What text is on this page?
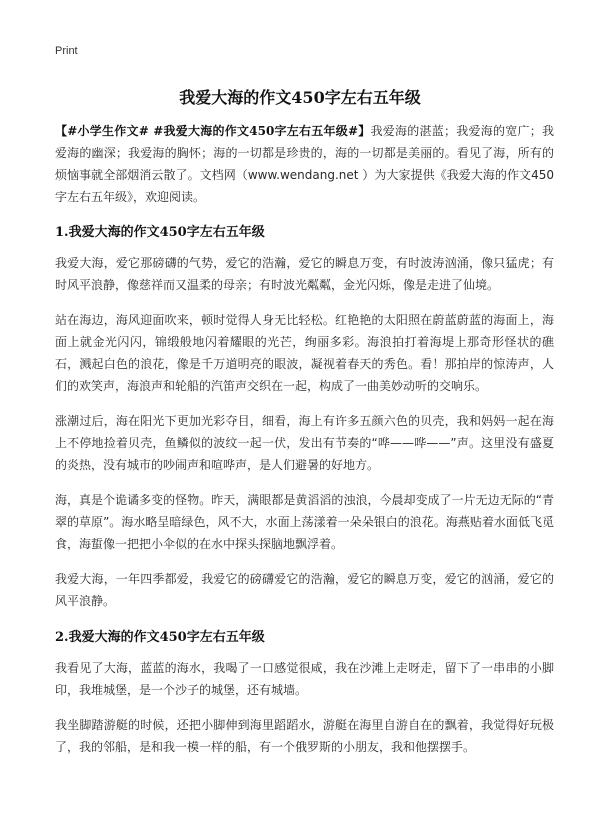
Print
我爱大海的作文450字左右五年级

【#小学生作文# #我爱大海的作文450字左右五年级#】我爱海的湛蓝；我爱海的宽广；我爱海的幽深；我爱海的胸怀；海的一切都是珍贵的，海的一切都是美丽的。看见了海，所有的烦恼事就全部烟消云散了。文档网（www.wendang.net ）为大家提供《我爱大海的作文450字左右五年级》，欢迎阅读。

1.我爱大海的作文450字左右五年级

我爱大海，爱它那磅礴的气势，爱它的浩瀚，爱它的瞬息万变，有时波涛汹涌，像只猛虎；有时风平浪静，像慈祥而又温柔的母亲；有时波光粼粼，金光闪烁，像是走进了仙境。

站在海边，海风迎面吹来，顿时觉得人身无比轻松。红艳艳的太阳照在蔚蓝蔚蓝的海面上，海面上就金光闪闪，锦缎般地闪着耀眼的光芒，绚丽多彩。海浪拍打着海堤上那奇形怪状的礁石，溅起白色的浪花，像是千万道明亮的眼波，凝视着春天的秀色。看！那拍岸的惊涛声，人们的欢笑声，海浪声和轮船的汽笛声交织在一起，构成了一曲美妙动听的交响乐。

涨潮过后，海在阳光下更加光彩夺目，细看，海上有许多五颜六色的贝壳，我和妈妈一起在海上不停地捡着贝壳，鱼鳞似的波纹一起一伏，发出有节奏的“哗——哗——”声。这里没有盛夏的炎热，没有城市的吵闹声和喧哗声，是人们避暑的好地方。

海，真是个诡谲多变的怪物。昨天，满眼都是黄滔滔的浊浪，今晨却变成了一片无边无际的“青翠的草原”。海水略呈暗绿色，风不大，水面上荡漾着一朵朵银白的浪花。海燕贴着水面低飞觅食，海蜇像一把把小伞似的在水中探头探脑地飘浮着。

我爱大海，一年四季都爱，我爱它的磅礴爱它的浩瀚，爱它的瞬息万变，爱它的汹涌，爱它的风平浪静。

2.我爱大海的作文450字左右五年级

我看见了大海，蓝蓝的海水，我喝了一口感觉很咸，我在沙滩上走呀走，留下了一串串的小脚印，我堆城堡，是一个沙子的城堡，还有城墙。

我坐脚踏游艇的时候，还把小脚伸到海里蹈蹈水，游艇在海里自游自在的飘着，我觉得好玩极了，我的邻船，是和我一模一样的船，有一个俄罗斯的小朋友，我和他摆摆手。
